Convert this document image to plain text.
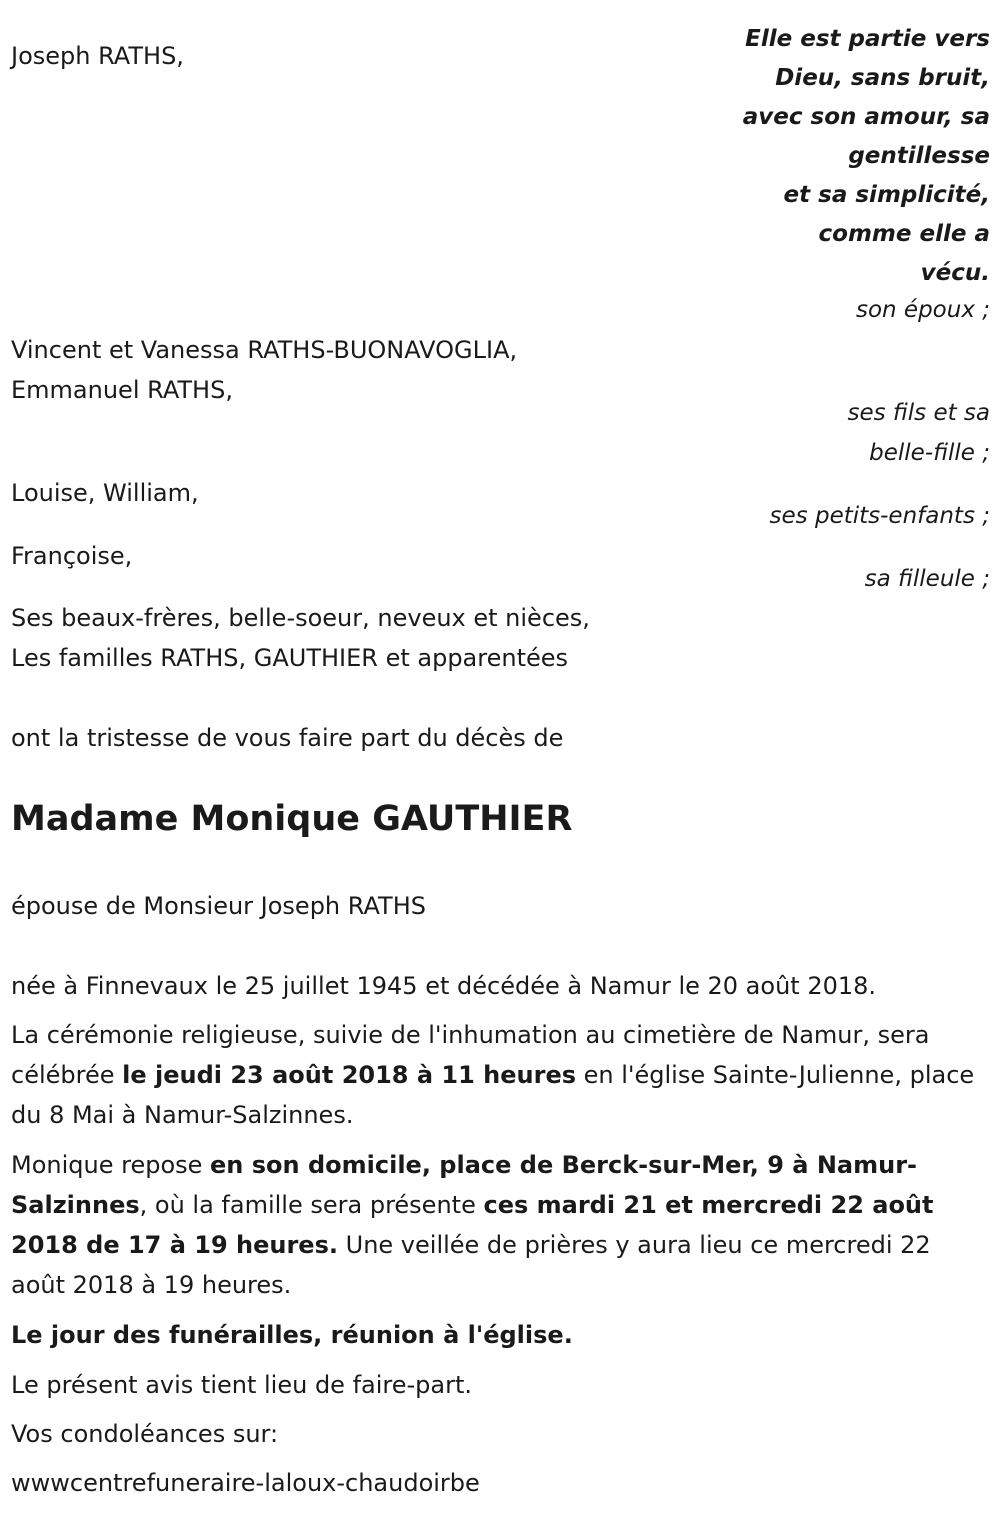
Elle est partie vers
Dieu, sans bruit,
avec son amour, sa
gentillesse
et sa simplicité,
comme elle a
vécu.
Joseph RATHS,
son époux ;
Vincent et Vanessa RATHS-BUONAVOGLIA,
Emmanuel RATHS,
ses fils et sa
belle-fille ;
Louise, William,
ses petits-enfants ;
Françoise,
sa filleule ;
Ses beaux-frères, belle-soeur, neveux et nièces,
Les familles RATHS, GAUTHIER et apparentées
ont la tristesse de vous faire part du décès de
Madame Monique GAUTHIER
épouse de Monsieur Joseph RATHS
née à Finnevaux le 25 juillet 1945 et décédée à Namur le 20 août 2018.
La cérémonie religieuse, suivie de l'inhumation au cimetière de Namur, sera célébrée le jeudi 23 août 2018 à 11 heures en l'église Sainte-Julienne, place du 8 Mai à Namur-Salzinnes.
Monique repose en son domicile, place de Berck-sur-Mer, 9 à Namur-Salzinnes, où la famille sera présente ces mardi 21 et mercredi 22 août 2018 de 17 à 19 heures. Une veillée de prières y aura lieu ce mercredi 22 août 2018 à 19 heures.
Le jour des funérailles, réunion à l'église.
Le présent avis tient lieu de faire-part.
Vos condoléances sur:
wwwcentrefuneraire-laloux-chaudoirbe
